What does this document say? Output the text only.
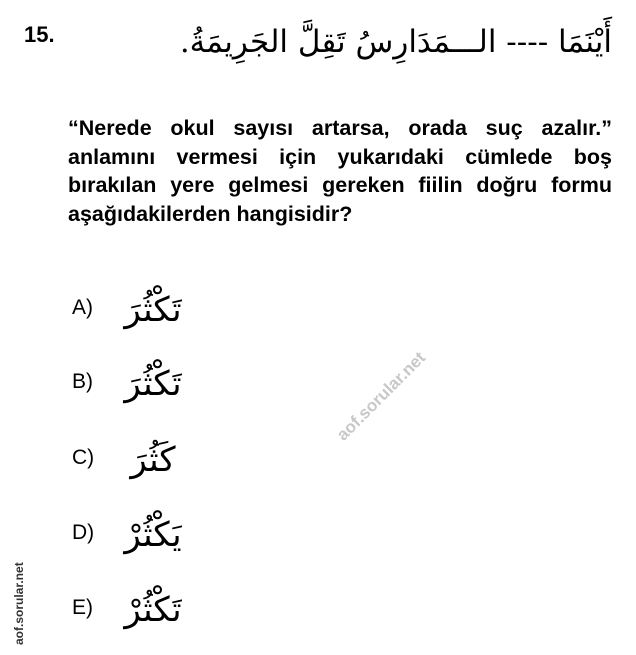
15.	أَيْنَمَا ---- الـــمَدَارِسُ تَقِلَّ الجَرِيمَةُ.
“Nerede okul sayısı artarsa, orada suç azalır.” anlamını vermesi için yukarıdaki cümlede boş bırakılan yere gelmesi gereken fiilin doğru formu aşağıdakilerden hangisidir?
A) تَكْثُرَ
B) تَكْثُرَ
C)	كَثُرَ
D) يَكْثُرْ
E) تَكْثُرْ
aof.sorular.net
aof.sorular.net
